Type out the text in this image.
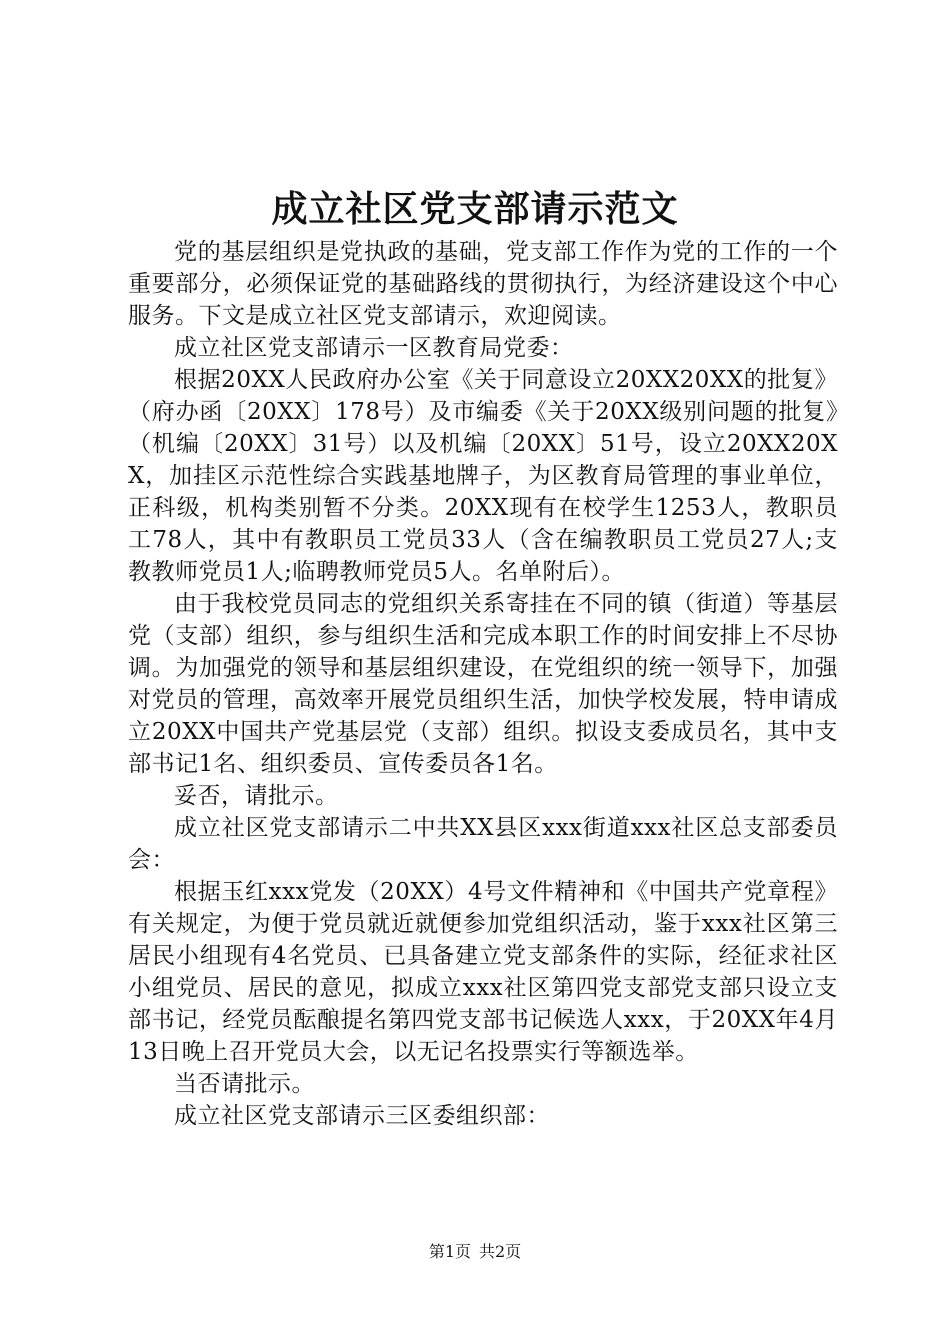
成立社区党支部请示范文

党的基层组织是党执政的基础，党支部工作作为党的工作的一个重要部分，必须保证党的基础路线的贯彻执行，为经济建设这个中心服务。下文是成立社区党支部请示，欢迎阅读。

成立社区党支部请示一区教育局党委：

根据20XX人民政府办公室《关于同意设立20XX20XX的批复》（府办函〔20XX〕178号）及市编委《关于20XX级别问题的批复》（机编〔20XX〕31号）以及机编〔20XX〕51号，设立20XX20XX，加挂区示范性综合实践基地牌子，为区教育局管理的事业单位，正科级，机构类别暂不分类。20XX现有在校学生1253人，教职员工78人，其中有教职员工党员33人（含在编教职员工党员27人;支教教师党员1人;临聘教师党员5人。名单附后）。

由于我校党员同志的党组织关系寄挂在不同的镇（街道）等基层党（支部）组织，参与组织生活和完成本职工作的时间安排上不尽协调。为加强党的领导和基层组织建设，在党组织的统一领导下，加强对党员的管理，高效率开展党员组织生活，加快学校发展，特申请成立20XX中国共产党基层党（支部）组织。拟设支委成员名，其中支部书记1名、组织委员、宣传委员各1名。

妥否，请批示。

成立社区党支部请示二中共XX县区xxx街道xxx社区总支部委员会：

根据玉红xxx党发（20XX）4号文件精神和《中国共产党章程》有关规定，为便于党员就近就便参加党组织活动，鉴于xxx社区第三居民小组现有4名党员、已具备建立党支部条件的实际，经征求社区小组党员、居民的意见，拟成立xxx社区第四党支部党支部只设立支部书记，经党员酝酿提名第四党支部书记候选人xxx，于20XX年4月13日晚上召开党员大会，以无记名投票实行等额选举。

当否请批示。

成立社区党支部请示三区委组织部：

第1页 共2页
